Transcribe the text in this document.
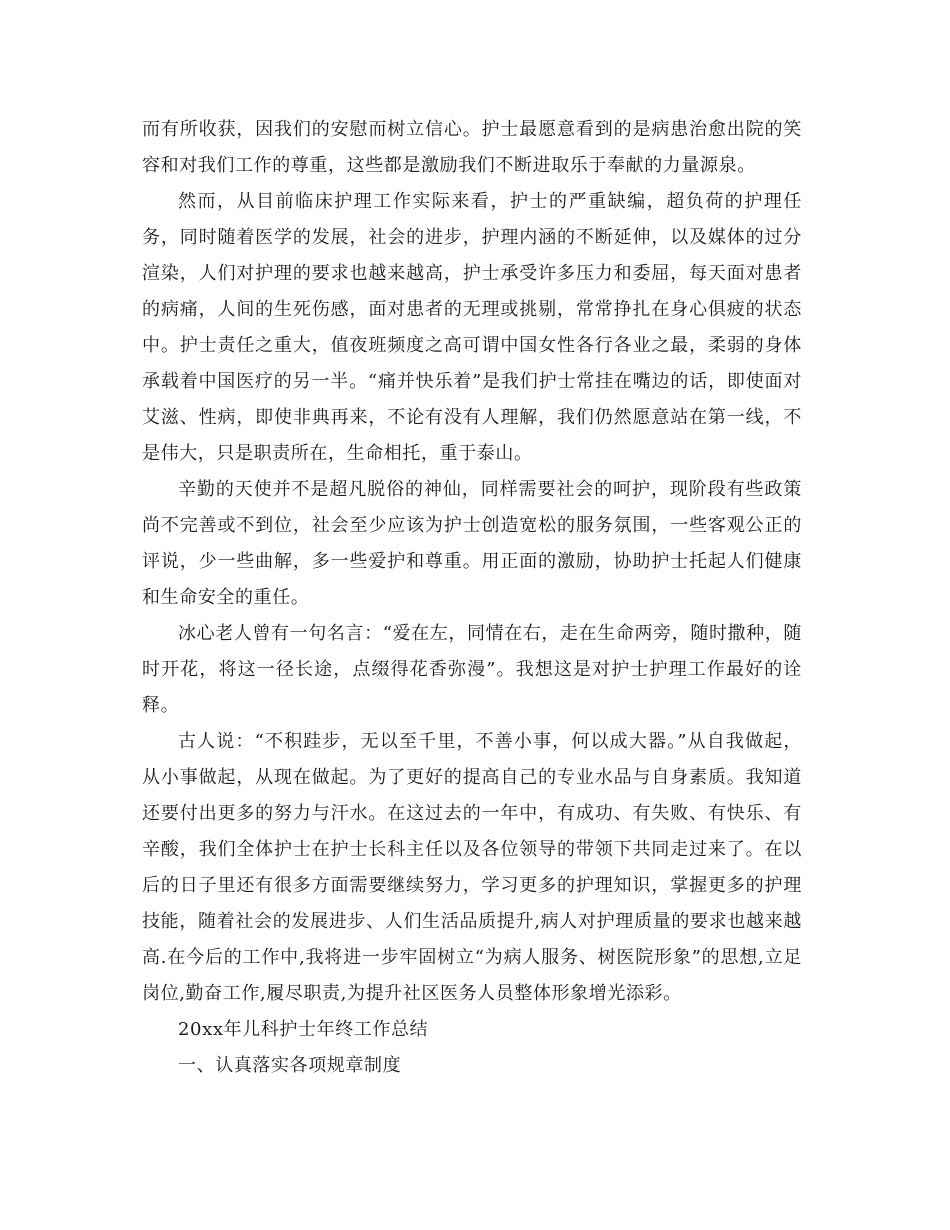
而有所收获，因我们的安慰而树立信心。护士最愿意看到的是病患治愈出院的笑容和对我们工作的尊重，这些都是激励我们不断进取乐于奉献的力量源泉。

然而，从目前临床护理工作实际来看，护士的严重缺编，超负荷的护理任务，同时随着医学的发展，社会的进步，护理内涵的不断延伸，以及媒体的过分渲染，人们对护理的要求也越来越高，护士承受许多压力和委屈，每天面对患者的病痛，人间的生死伤感，面对患者的无理或挑剔，常常挣扎在身心俱疲的状态中。护士责任之重大，值夜班频度之高可谓中国女性各行各业之最，柔弱的身体承载着中国医疗的另一半。“痛并快乐着”是我们护士常挂在嘴边的话，即使面对艾滋、性病，即使非典再来，不论有没有人理解，我们仍然愿意站在第一线，不是伟大，只是职责所在，生命相托，重于泰山。

辛勤的天使并不是超凡脱俗的神仙，同样需要社会的呵护，现阶段有些政策尚不完善或不到位，社会至少应该为护士创造宽松的服务氛围，一些客观公正的评说，少一些曲解，多一些爱护和尊重。用正面的激励，协助护士托起人们健康和生命安全的重任。

冰心老人曾有一句名言：“爱在左，同情在右，走在生命两旁，随时撒种，随时开花，将这一径长途，点缀得花香弥漫”。我想这是对护士护理工作最好的诠释。

古人说：“不积跬步，无以至千里，不善小事，何以成大器。”从自我做起，从小事做起，从现在做起。为了更好的提高自己的专业水品与自身素质。我知道还要付出更多的努力与汗水。在这过去的一年中，有成功、有失败、有快乐、有辛酸，我们全体护士在护士长科主任以及各位领导的带领下共同走过来了。在以后的日子里还有很多方面需要继续努力，学习更多的护理知识，掌握更多的护理技能，随着社会的发展进步、人们生活品质提升,病人对护理质量的要求也越来越高.在今后的工作中,我将进一步牢固树立“为病人服务、树医院形象”的思想,立足岗位,勤奋工作,履尽职责,为提升社区医务人员整体形象增光添彩。

20xx年儿科护士年终工作总结

一、认真落实各项规章制度
